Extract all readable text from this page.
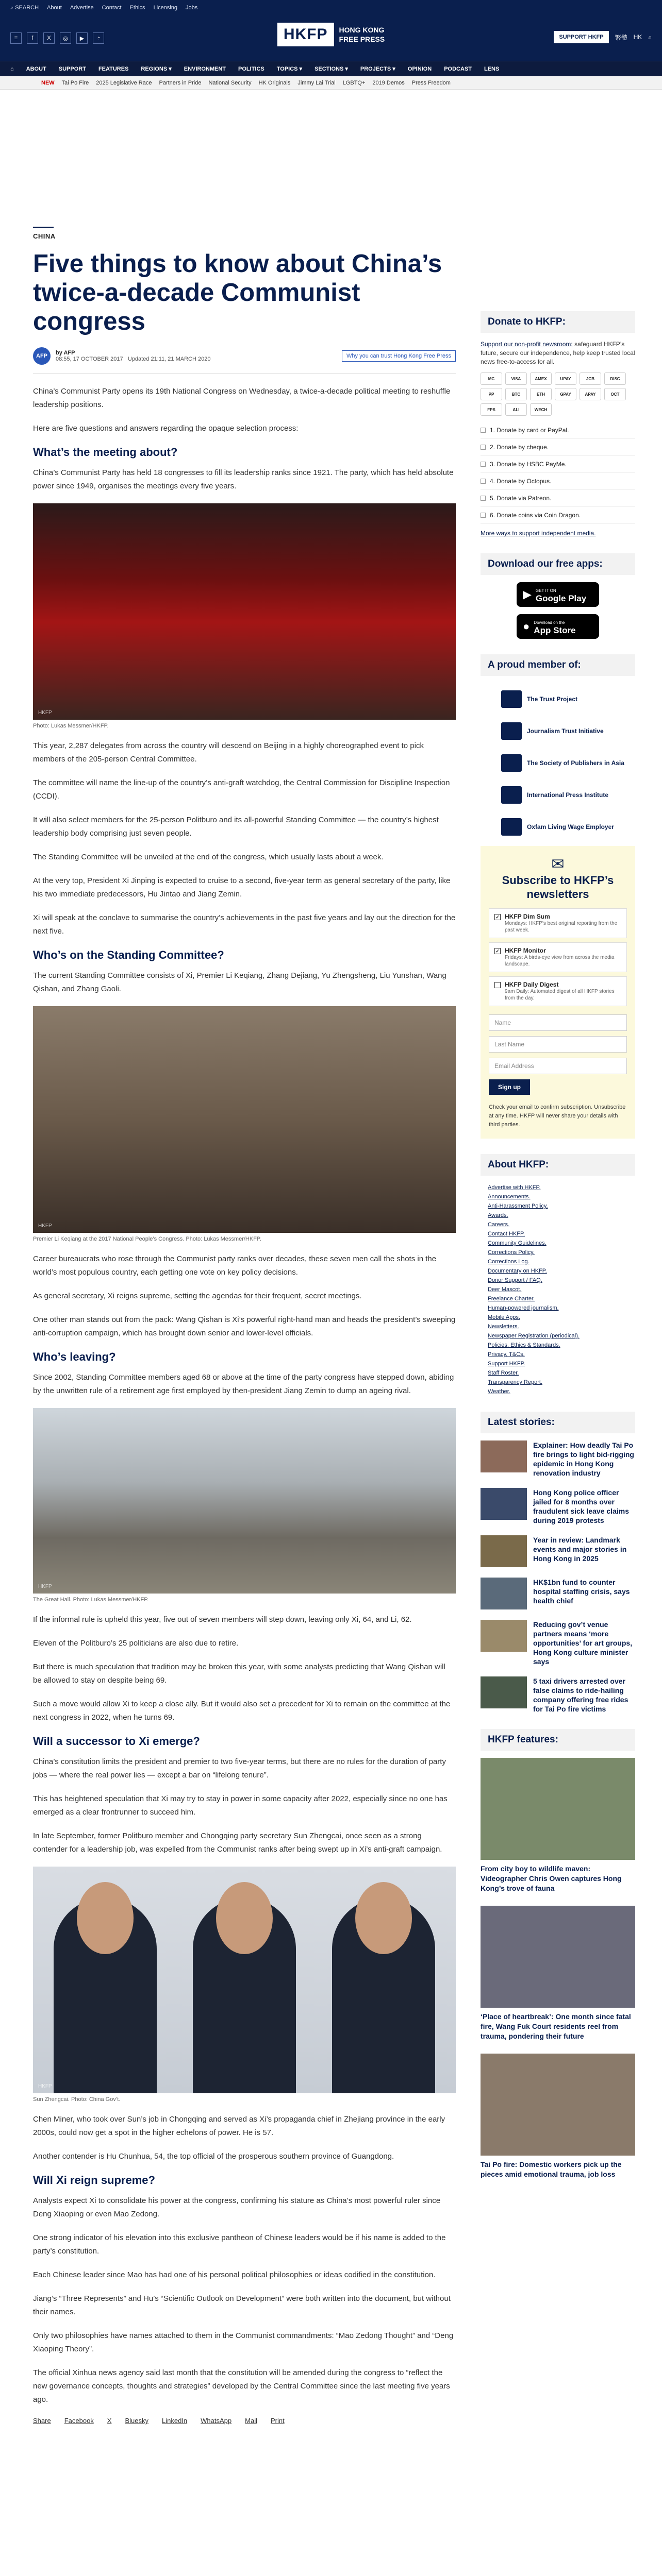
⌕ SEARCH About Advertise Contact Ethics Licensing Jobs
≡	f	X	◎	▶	◔	HKFP	HONG KONG
FREE PRESS	SUPPORT HKFP	繁體 HK ⌕
⌂ ABOUT SUPPORT FEATURES REGIONS ▾ ENVIRONMENT POLITICS TOPICS ▾ SECTIONS ▾ PROJECTS ▾ OPINION PODCAST LENS
NEW Tai Po Fire 2025 Legislative Race Partners in Pride National Security HK Originals Jimmy Lai Trial LGBTQ+ 2019 Demos Press Freedom
CHINA
Five things to know about China’s twice-a-decade Communist congress
AFP	by AFP
08:55, 17 OCTOBER 2017 Updated 21:11, 21 MARCH 2020	Why you can trust Hong Kong Free Press

China’s Communist Party opens its 19th National Congress on Wednesday, a twice-a-decade political meeting to reshuffle leadership positions.

Here are five questions and answers regarding the opaque selection process:

What’s the meeting about?

China’s Communist Party has held 18 congresses to fill its leadership ranks since 1921. The party, which has held absolute power since 1949, organises the meetings every five years.

HKFP
Photo: Lukas Messmer/HKFP.

This year, 2,287 delegates from across the country will descend on Beijing in a highly choreographed event to pick members of the 205-person Central Committee.

The committee will name the line-up of the country’s anti-graft watchdog, the Central Commission for Discipline Inspection (CCDI).

It will also select members for the 25-person Politburo and its all-powerful Standing Committee — the country’s highest leadership body comprising just seven people.

The Standing Committee will be unveiled at the end of the congress, which usually lasts about a week.

At the very top, President Xi Jinping is expected to cruise to a second, five-year term as general secretary of the party, like his two immediate predecessors, Hu Jintao and Jiang Zemin.

Xi will speak at the conclave to summarise the country’s achievements in the past five years and lay out the direction for the next five.

Who’s on the Standing Committee?

The current Standing Committee consists of Xi, Premier Li Keqiang, Zhang Dejiang, Yu Zhengsheng, Liu Yunshan, Wang Qishan, and Zhang Gaoli.

HKFP
Premier Li Keqiang at the 2017 National People’s Congress. Photo: Lukas Messmer/HKFP.

Career bureaucrats who rose through the Communist party ranks over decades, these seven men call the shots in the world’s most populous country, each getting one vote on key policy decisions.

As general secretary, Xi reigns supreme, setting the agendas for their frequent, secret meetings.

One other man stands out from the pack: Wang Qishan is Xi’s powerful right-hand man and heads the president’s sweeping anti-corruption campaign, which has brought down senior and lower-level officials.

Who’s leaving?

Since 2002, Standing Committee members aged 68 or above at the time of the party congress have stepped down, abiding by the unwritten rule of a retirement age first employed by then-president Jiang Zemin to dump an ageing rival.

HKFP
The Great Hall. Photo: Lukas Messmer/HKFP.

If the informal rule is upheld this year, five out of seven members will step down, leaving only Xi, 64, and Li, 62.

Eleven of the Politburo’s 25 politicians are also due to retire.

But there is much speculation that tradition may be broken this year, with some analysts predicting that Wang Qishan will be allowed to stay on despite being 69.

Such a move would allow Xi to keep a close ally. But it would also set a precedent for Xi to remain on the committee at the next congress in 2022, when he turns 69.

Will a successor to Xi emerge?

China’s constitution limits the president and premier to two five-year terms, but there are no rules for the duration of party jobs — where the real power lies — except a bar on “lifelong tenure”.

This has heightened speculation that Xi may try to stay in power in some capacity after 2022, especially since no one has emerged as a clear frontrunner to succeed him.

In late September, former Politburo member and Chongqing party secretary Sun Zhengcai, once seen as a strong contender for a leadership job, was expelled from the Communist ranks after being swept up in Xi’s anti-graft campaign.

HKFP
Sun Zhengcai. Photo: China Gov’t.

Chen Miner, who took over Sun’s job in Chongqing and served as Xi’s propaganda chief in Zhejiang province in the early 2000s, could now get a spot in the higher echelons of power. He is 57.

Another contender is Hu Chunhua, 54, the top official of the prosperous southern province of Guangdong.

Will Xi reign supreme?

Analysts expect Xi to consolidate his power at the congress, confirming his stature as China’s most powerful ruler since Deng Xiaoping or even Mao Zedong.

One strong indicator of his elevation into this exclusive pantheon of Chinese leaders would be if his name is added to the party’s constitution.

Each Chinese leader since Mao has had one of his personal political philosophies or ideas codified in the constitution.

Jiang’s “Three Represents” and Hu’s “Scientific Outlook on Development” were both written into the document, but without their names.

Only two philosophies have names attached to them in the Communist commandments: “Mao Zedong Thought” and “Deng Xiaoping Theory”.

The official Xinhua news agency said last month that the constitution will be amended during the congress to “reflect the new governance concepts, thoughts and strategies” developed by the Central Committee since the last meeting five years ago.

Share Facebook X Bluesky LinkedIn WhatsApp Mail Print
Donate to HKFP:

Support our non-profit newsroom: safeguard HKFP’s future, secure our independence, help keep trusted local news free-to-access for all.

MC	VISA	AMEX	UPAY	JCB	DISC
PP	BTC	ETH	GPAY	APAY	OCT
FPS	ALI	WECH
1. Donate by card or PayPal.
2. Donate by cheque.
3. Donate by HSBC PayMe.
4. Donate by Octopus.
5. Donate via Patreon.
6. Donate coins via Coin Dragon.

More ways to support independent media.

Download our free apps:
▶ GET IT ON
Google Play
● Download on the
App Store
A proud member of:
The Trust Project
Journalism Trust Initiative
The Society of Publishers in Asia
International Press Institute
Oxfam Living Wage Employer
✉
Subscribe to HKFP’s newsletters
✓ HKFP Dim Sum
Mondays: HKFP’s best original reporting from the past week.
✓ HKFP Monitor
Fridays: A birds-eye view from across the media landscape.
HKFP Daily Digest
9am Daily: Automated digest of all HKFP stories from the day.
Name
Last Name
Email Address
Sign up

Check your email to confirm subscription. Unsubscribe at any time. HKFP will never share your details with third parties.

About HKFP:
Advertise with HKFP.
Announcements.
Anti-Harassment Policy.
Awards.
Careers.
Contact HKFP.
Community Guidelines.
Corrections Policy.
Corrections Log.
Documentary on HKFP.
Donor Support / FAQ.
Deer Mascot.
Freelance Charter.
Human-powered journalism.
Mobile Apps.
Newsletters.
Newspaper Registration (periodical).
Policies, Ethics & Standards.
Privacy, T&Cs.
Support HKFP.
Staff Roster.
Transparency Report.
Weather.
Latest stories:
Explainer: How deadly Tai Po fire brings to light bid-rigging epidemic in Hong Kong renovation industry
Hong Kong police officer jailed for 8 months over fraudulent sick leave claims during 2019 protests
Year in review: Landmark events and major stories in Hong Kong in 2025
HK$1bn fund to counter hospital staffing crisis, says health chief
Reducing gov’t venue partners means ‘more opportunities’ for art groups, Hong Kong culture minister says
5 taxi drivers arrested over false claims to ride-hailing company offering free rides for Tai Po fire victims
HKFP features:
From city boy to wildlife maven: Videographer Chris Owen captures Hong Kong’s trove of fauna
‘Place of heartbreak’: One month since fatal fire, Wang Fuk Court residents reel from trauma, pondering their future
Tai Po fire: Domestic workers pick up the pieces amid emotional trauma, job loss
